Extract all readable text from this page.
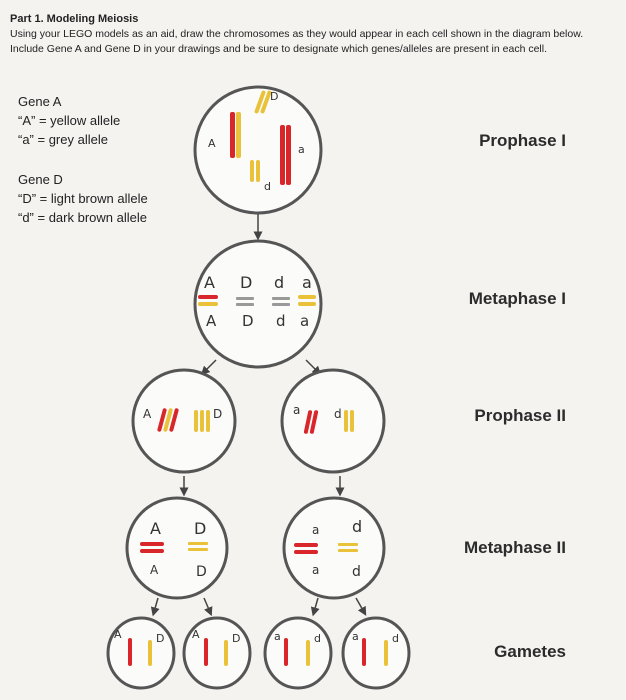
Part 1. Modeling Meiosis
Using your LEGO models as an aid, draw the chromosomes as they would appear in each cell shown in the diagram below. Include Gene A and Gene D in your drawings and be sure to designate which genes/alleles are present in each cell.
Gene A
“A” = yellow allele
“a” = grey allele
Gene D
“D” = light brown allele
“d” = dark brown allele
Prophase I
Metaphase I
Prophase II
Metaphase II
Gametes
A
D
a
d
A D d a
A D d a
A	D	a	d
A D
A	D
a d
a d
A	D	A	D	a	d	a	d
